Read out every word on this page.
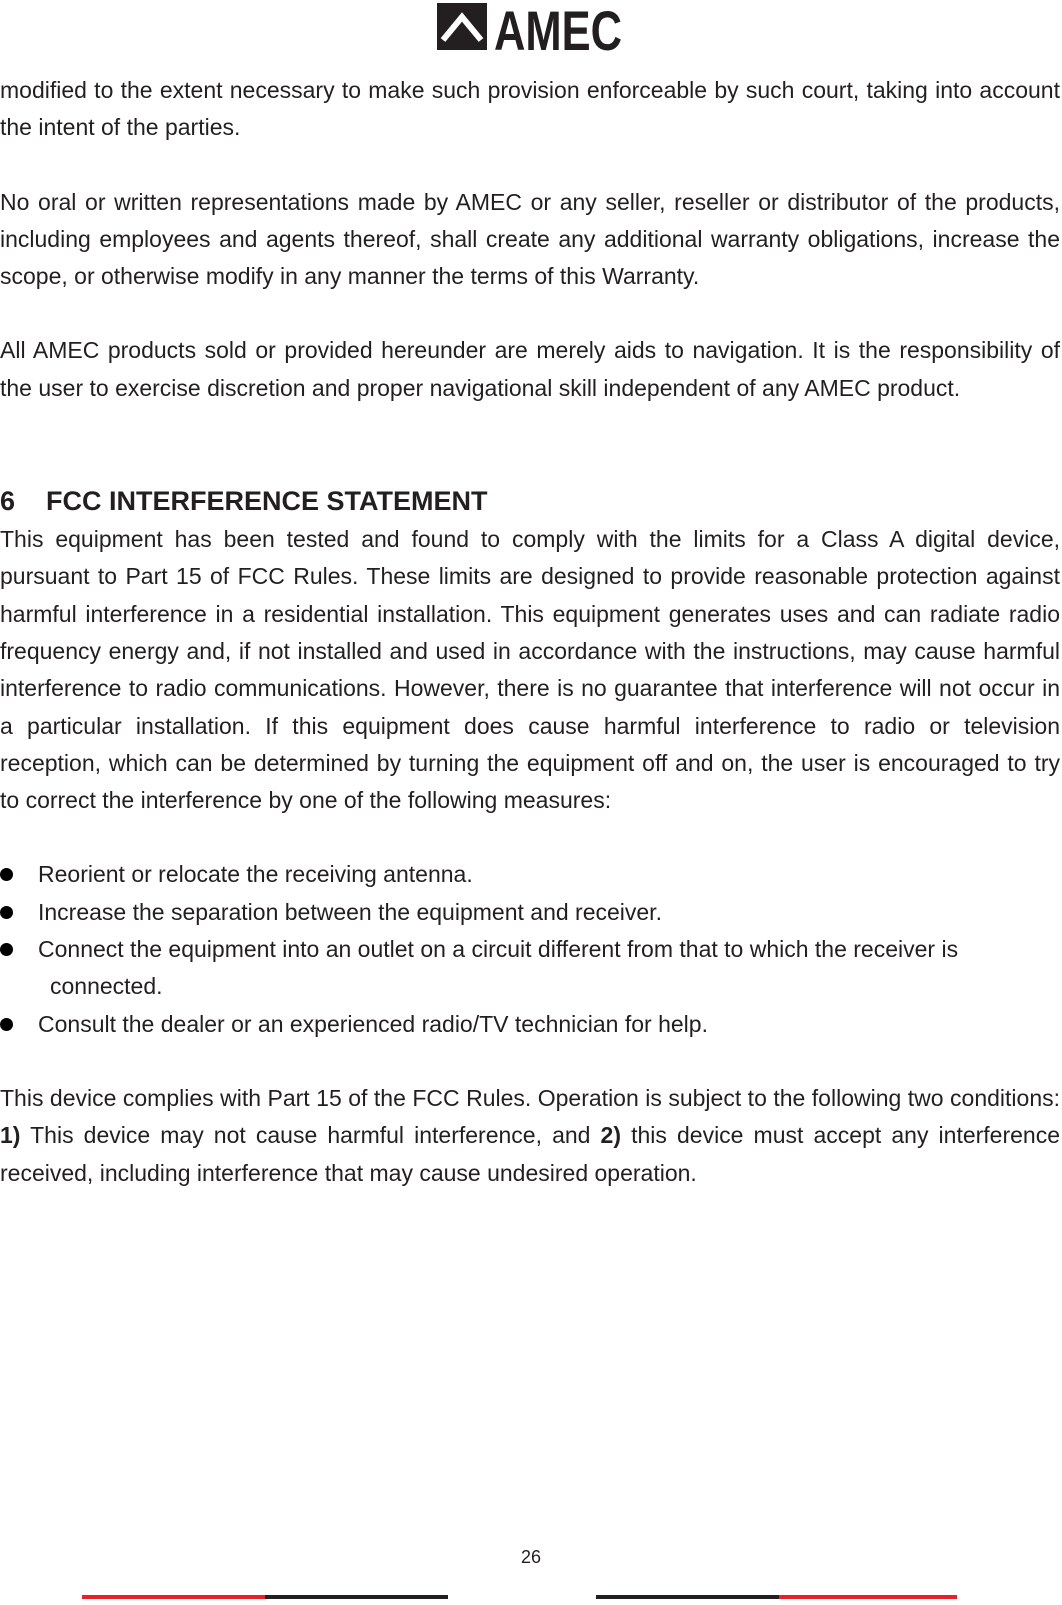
AMEC

modified to the extent necessary to make such provision enforceable by such court, taking into account the intent of the parties.

No oral or written representations made by AMEC or any seller, reseller or distributor of the products, including employees and agents thereof, shall create any additional warranty obligations, increase the scope, or otherwise modify in any manner the terms of this Warranty.

All AMEC products sold or provided hereunder are merely aids to navigation. It is the responsibility of the user to exercise discretion and proper navigational skill independent of any AMEC product.

6 FCC INTERFERENCE STATEMENT

This equipment has been tested and found to comply with the limits for a Class A digital device, pursuant to Part 15 of FCC Rules. These limits are designed to provide reasonable protection against harmful interference in a residential installation. This equipment generates uses and can radiate radio frequency energy and, if not installed and used in accordance with the instructions, may cause harmful interference to radio communications. However, there is no guarantee that interference will not occur in a particular installation. If this equipment does cause harmful interference to radio or television reception, which can be determined by turning the equipment off and on, the user is encouraged to try to correct the interference by one of the following measures:

Reorient or relocate the receiving antenna.
Increase the separation between the equipment and receiver.
Connect the equipment into an outlet on a circuit different from that to which the receiver is
connected.
Consult the dealer or an experienced radio/TV technician for help.

This device complies with Part 15 of the FCC Rules. Operation is subject to the following two conditions: 1) This device may not cause harmful interference, and 2) this device must accept any interference received, including interference that may cause undesired operation.

26
